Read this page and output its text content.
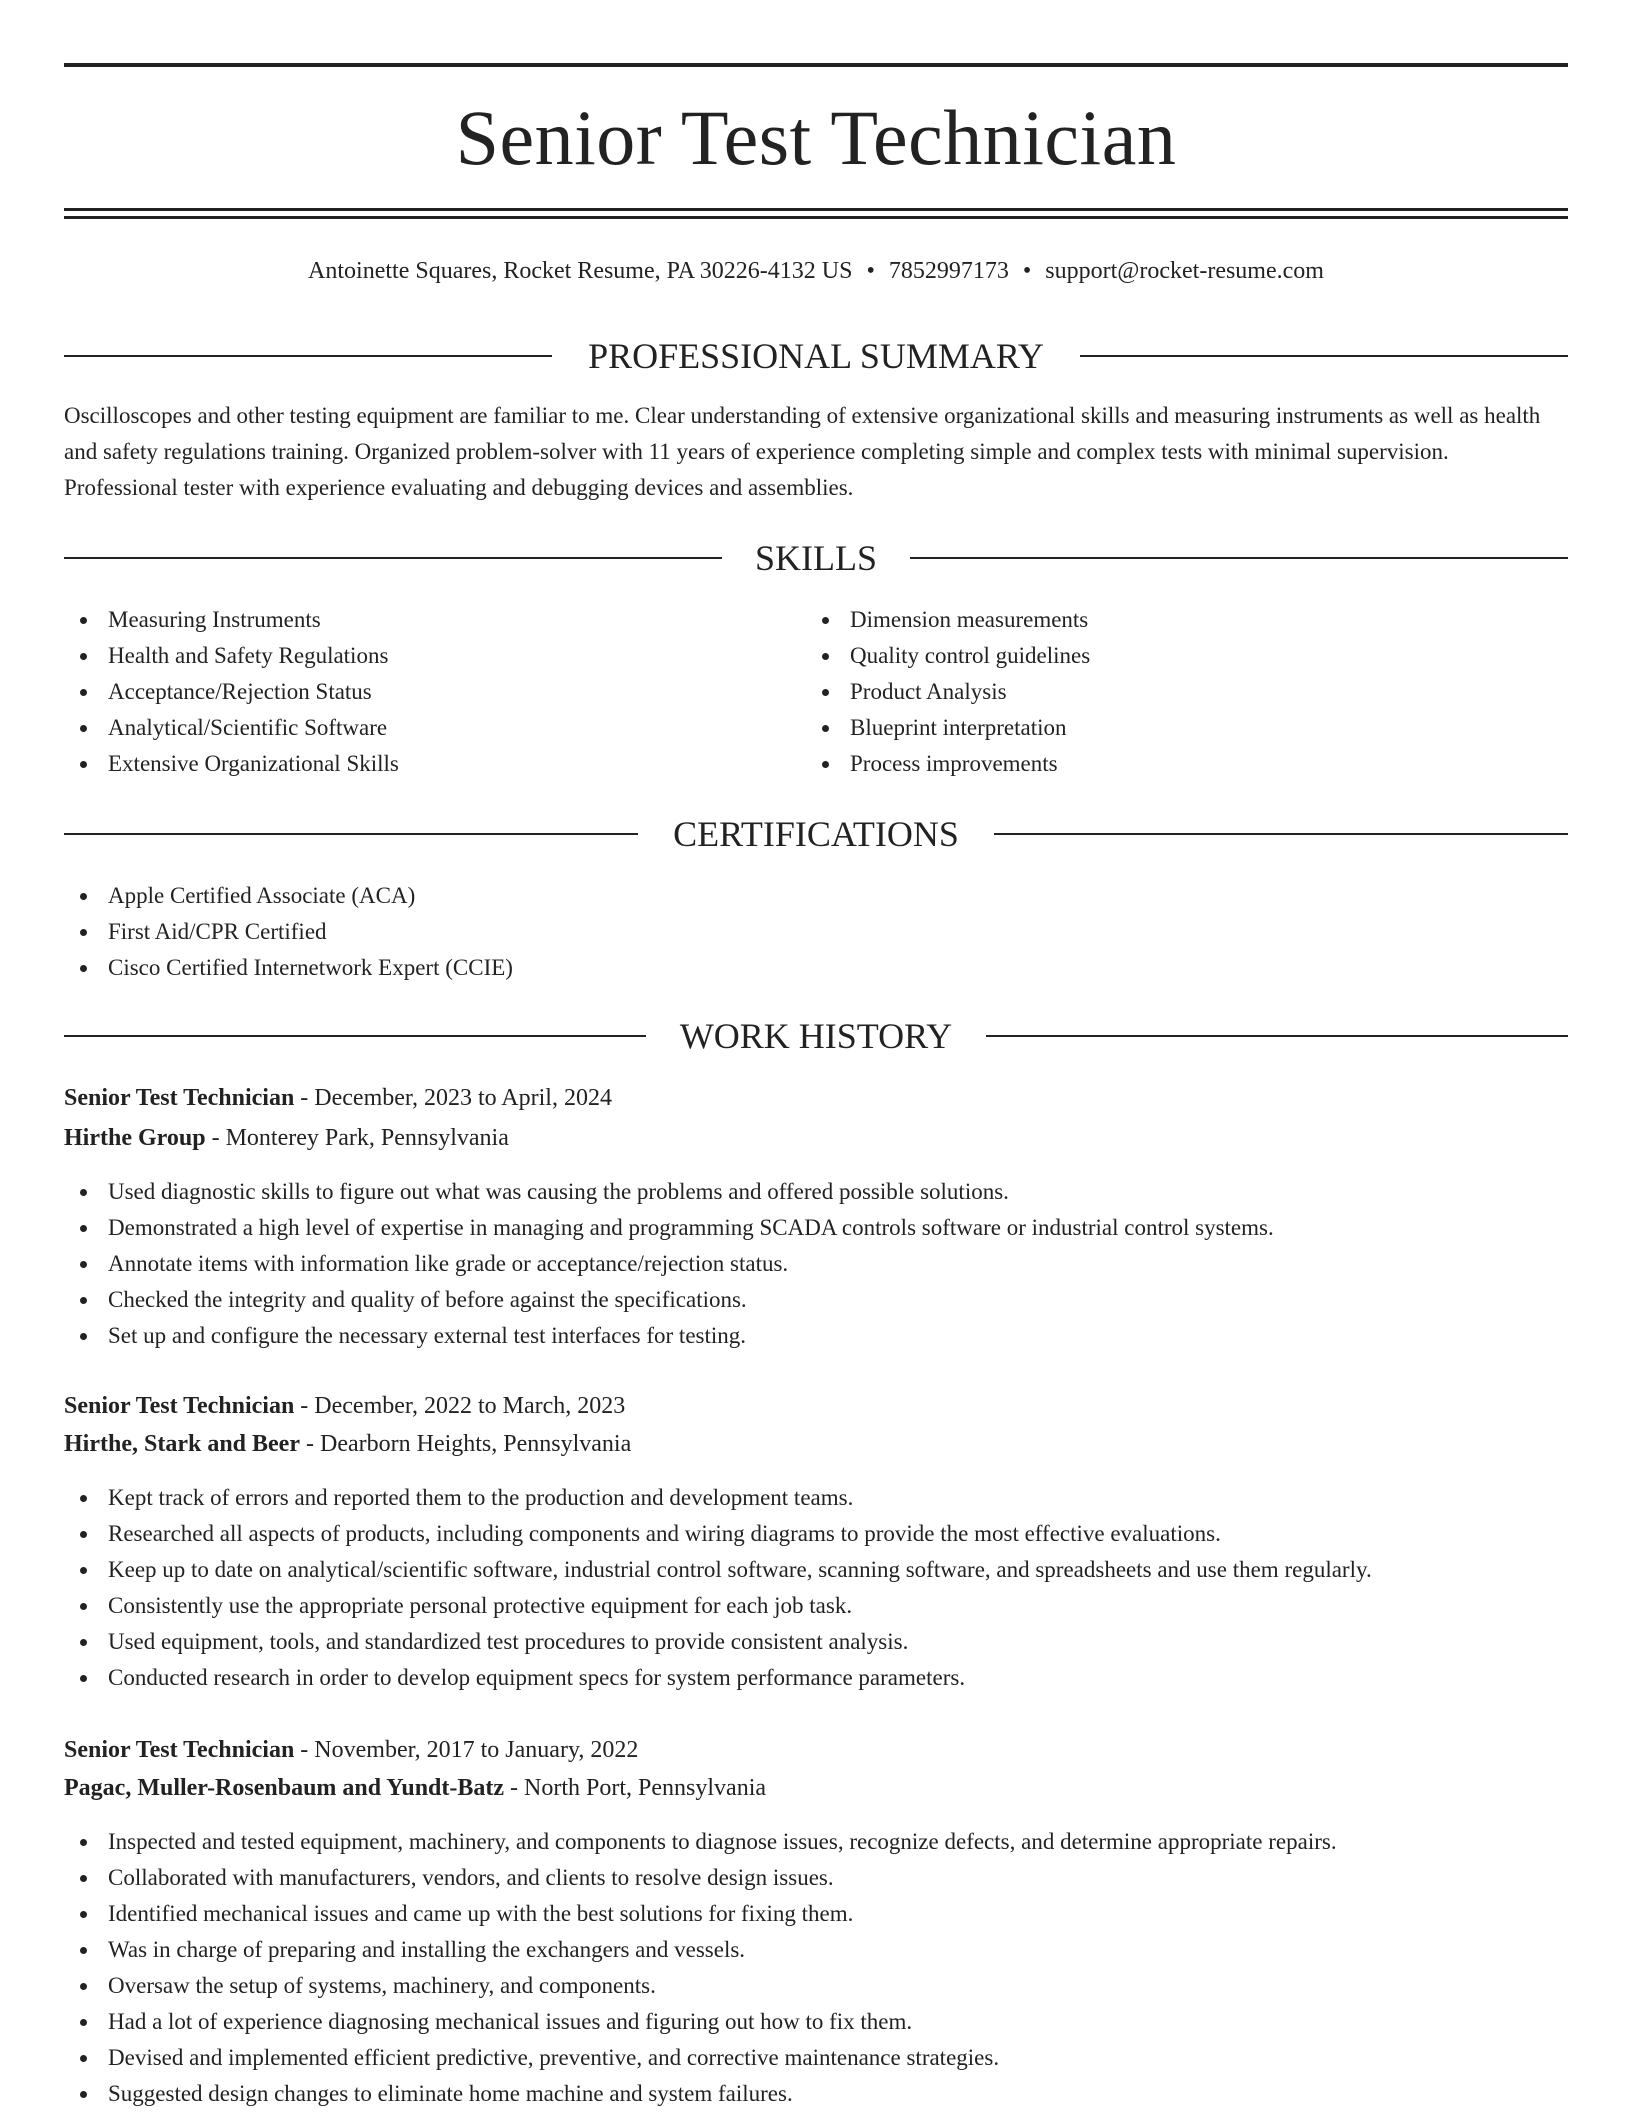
Senior Test Technician
Antoinette Squares, Rocket Resume, PA 30226-4132 US • 7852997173 • support@rocket-resume.com
PROFESSIONAL SUMMARY

Oscilloscopes and other testing equipment are familiar to me. Clear understanding of extensive organizational skills and measuring instruments as well as health and safety regulations training. Organized problem-solver with 11 years of experience completing simple and complex tests with minimal supervision. Professional tester with experience evaluating and debugging devices and assemblies.

SKILLS
Measuring Instruments
Health and Safety Regulations
Acceptance/Rejection Status
Analytical/Scientific Software
Extensive Organizational Skills
Dimension measurements
Quality control guidelines
Product Analysis
Blueprint interpretation
Process improvements
CERTIFICATIONS
Apple Certified Associate (ACA)
First Aid/CPR Certified
Cisco Certified Internetwork Expert (CCIE)
WORK HISTORY
Senior Test Technician - December, 2023 to April, 2024
Hirthe Group - Monterey Park, Pennsylvania
Used diagnostic skills to figure out what was causing the problems and offered possible solutions.
Demonstrated a high level of expertise in managing and programming SCADA controls software or industrial control systems.
Annotate items with information like grade or acceptance/rejection status.
Checked the integrity and quality of before against the specifications.
Set up and configure the necessary external test interfaces for testing.
Senior Test Technician - December, 2022 to March, 2023
Hirthe, Stark and Beer - Dearborn Heights, Pennsylvania
Kept track of errors and reported them to the production and development teams.
Researched all aspects of products, including components and wiring diagrams to provide the most effective evaluations.
Keep up to date on analytical/scientific software, industrial control software, scanning software, and spreadsheets and use them regularly.
Consistently use the appropriate personal protective equipment for each job task.
Used equipment, tools, and standardized test procedures to provide consistent analysis.
Conducted research in order to develop equipment specs for system performance parameters.
Senior Test Technician - November, 2017 to January, 2022
Pagac, Muller-Rosenbaum and Yundt-Batz - North Port, Pennsylvania
Inspected and tested equipment, machinery, and components to diagnose issues, recognize defects, and determine appropriate repairs.
Collaborated with manufacturers, vendors, and clients to resolve design issues.
Identified mechanical issues and came up with the best solutions for fixing them.
Was in charge of preparing and installing the exchangers and vessels.
Oversaw the setup of systems, machinery, and components.
Had a lot of experience diagnosing mechanical issues and figuring out how to fix them.
Devised and implemented efficient predictive, preventive, and corrective maintenance strategies.
Suggested design changes to eliminate home machine and system failures.
